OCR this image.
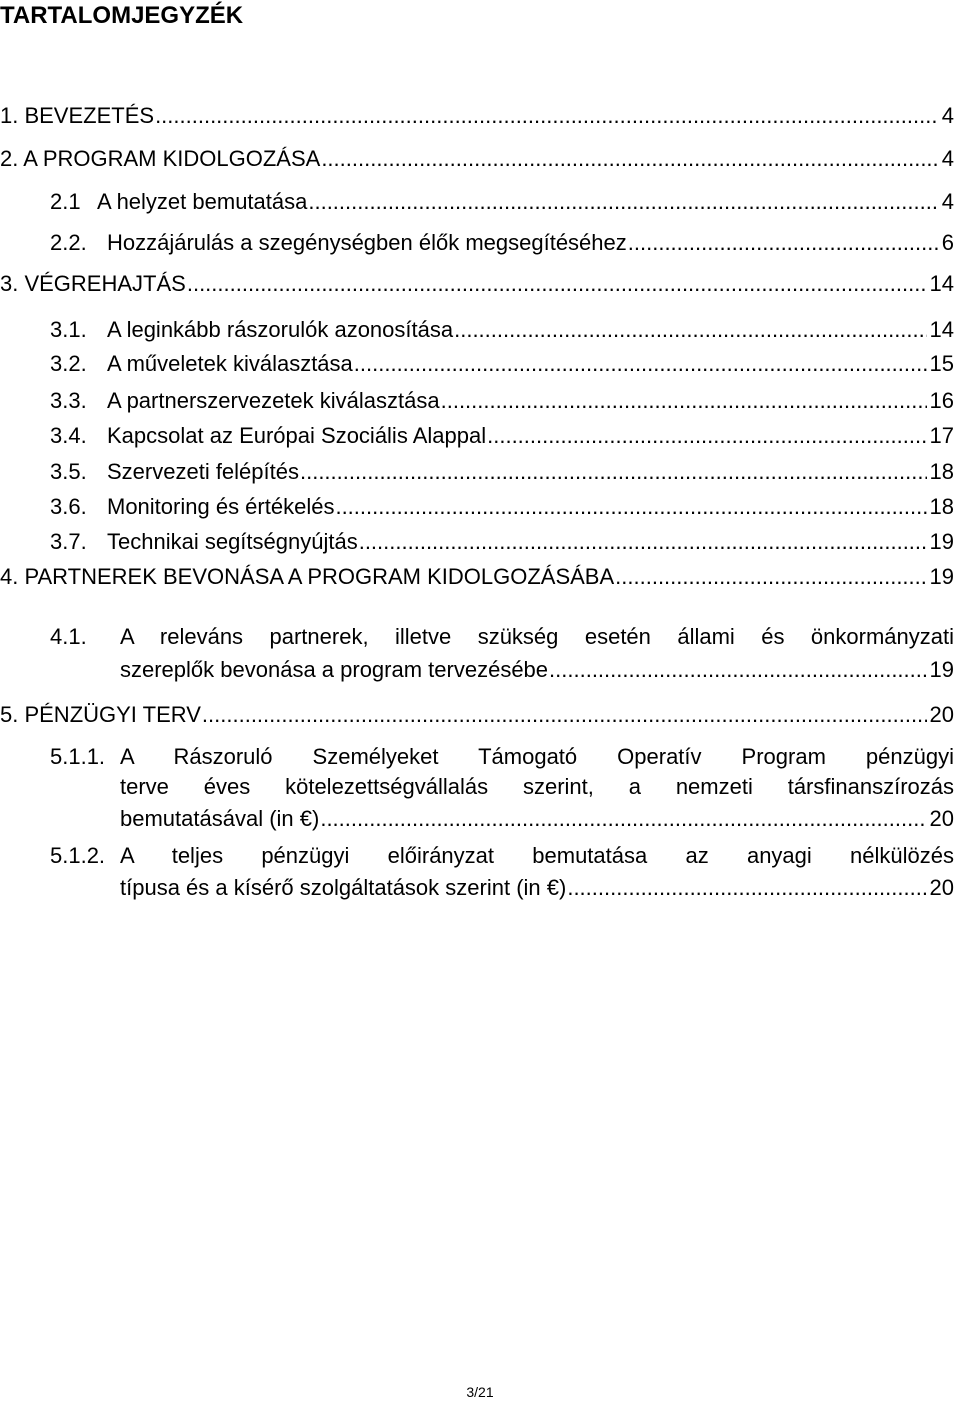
TARTALOMJEGYZÉK
1. BEVEZETÉS .....	4
2. A PROGRAM KIDOLGOZÁSA .....	4
2.1 A helyzet bemutatása .....	4
2.2. Hozzájárulás a szegénységben élők megsegítéséhez .....	6
3. VÉGREHAJTÁS .....	14
3.1. A leginkább rászorulók azonosítása .....	14
3.2. A műveletek kiválasztása .....	15
3.3. A partnerszervezetek kiválasztása .....	16
3.4. Kapcsolat az Európai Szociális Alappal .....	17
3.5. Szervezeti felépítés .....	18
3.6. Monitoring és értékelés .....	18
3.7. Technikai segítségnyújtás .....	19
4. PARTNEREK BEVONÁSA A PROGRAM KIDOLGOZÁSÁBA .....	19
4.1.	A releváns partnerek, illetve szükség esetén állami és önkormányzati
szereplők bevonása a program tervezésébe .....	19
5. PÉNZÜGYI TERV .....	20
5.1.1. A Rászoruló Személyeket Támogató Operatív Program pénzügyi
terve éves kötelezettségvállalás szerint, a nemzeti társfinanszírozás
bemutatásával (in €) .....	20
5.1.2. A teljes pénzügyi előirányzat bemutatása az anyagi nélkülözés
típusa és a kísérő szolgáltatások szerint (in €) .....	20
3/21
